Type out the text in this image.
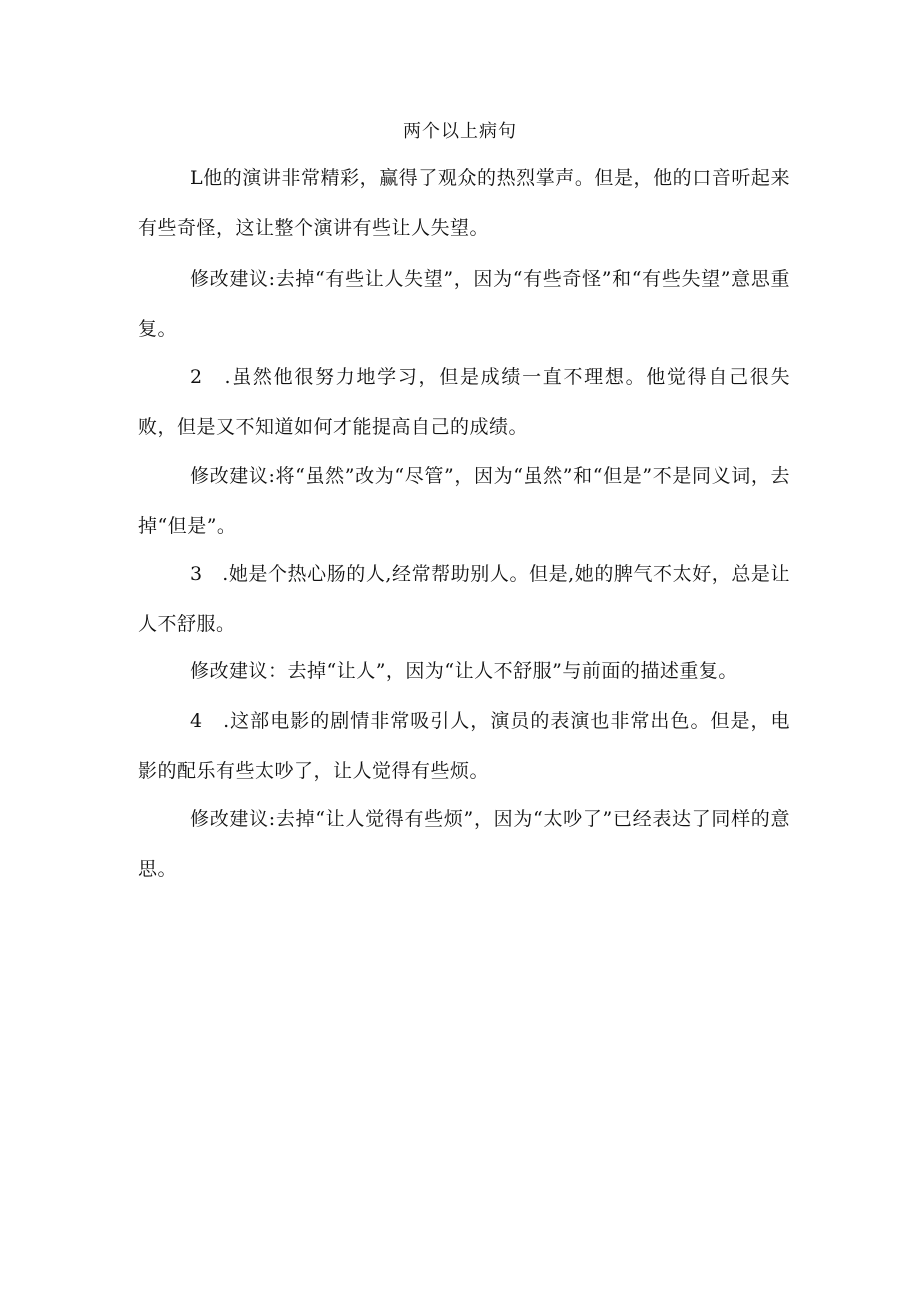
两个以上病句
L他的演讲非常精彩，赢得了观众的热烈掌声。但是，他的口音听起来有些奇怪，这让整个演讲有些让人失望。
修改建议:去掉“有些让人失望”，因为“有些奇怪”和“有些失望”意思重复。
2　.虽然他很努力地学习，但是成绩一直不理想。他觉得自己很失败，但是又不知道如何才能提高自己的成绩。
修改建议:将“虽然”改为“尽管”，因为“虽然”和“但是”不是同义词，去掉“但是”。
3　.她是个热心肠的人,经常帮助别人。但是,她的脾气不太好，总是让人不舒服。
修改建议：去掉“让人”，因为“让人不舒服”与前面的描述重复。
4　.这部电影的剧情非常吸引人，演员的表演也非常出色。但是，电影的配乐有些太吵了，让人觉得有些烦。
修改建议:去掉“让人觉得有些烦”，因为“太吵了”已经表达了同样的意思。
